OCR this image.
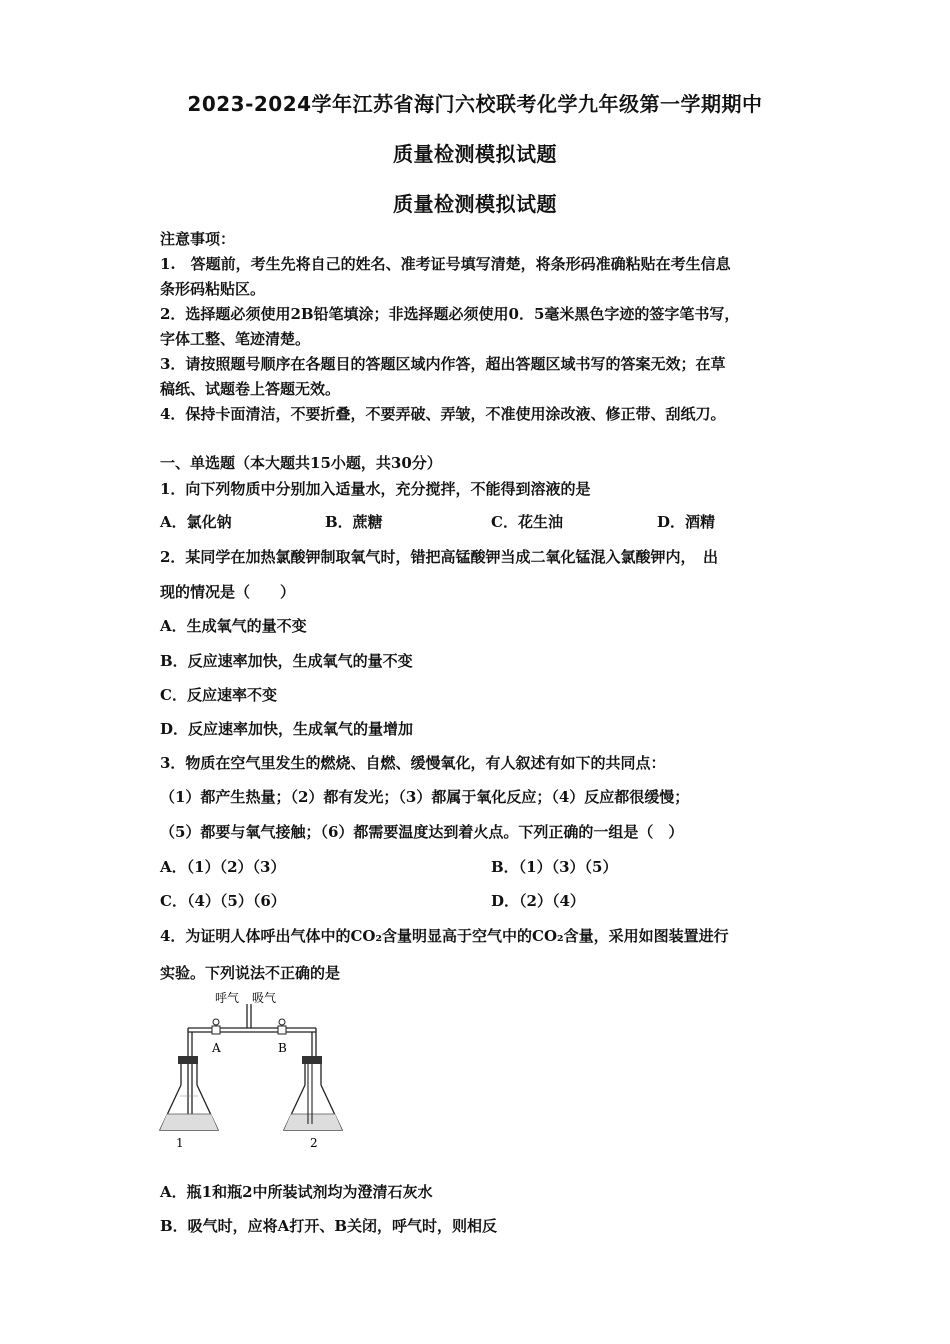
2023-2024学年江苏省海门六校联考化学九年级第一学期期中
质量检测模拟试题
质量检测模拟试题
注意事项：
1.　答题前，考生先将自己的姓名、准考证号填写清楚，将条形码准确粘贴在考生信息
条形码粘贴区。
2．选择题必须使用2B铅笔填涂；非选择题必须使用0．5毫米黑色字迹的签字笔书写，
字体工整、笔迹清楚。
3．请按照题号顺序在各题目的答题区域内作答，超出答题区域书写的答案无效；在草
稿纸、试题卷上答题无效。
4．保持卡面清洁，不要折叠，不要弄破、弄皱，不准使用涂改液、修正带、刮纸刀。
一、单选题（本大题共15小题，共30分）
1．向下列物质中分别加入适量水，充分搅拌，不能得到溶液的是
A．氯化钠	B．蔗糖	C．花生油	D．酒精
2．某同学在加热氯酸钾制取氧气时，错把高锰酸钾当成二氧化锰混入氯酸钾内，　出
现的情况是（　　）
A．生成氧气的量不变
B．反应速率加快，生成氧气的量不变
C．反应速率不变
D．反应速率加快，生成氧气的量增加
3．物质在空气里发生的燃烧、自燃、缓慢氧化，有人叙述有如下的共同点：
（1）都产生热量；（2）都有发光；（3）都属于氧化反应；（4）反应都很缓慢；
（5）都要与氧气接触；（6）都需要温度达到着火点。下列正确的一组是（　）
A．（1）（2）（3）	B．（1）（3）（5）
C．（4）（5）（6）	D．（2）（4）
4．为证明人体呼出气体中的CO₂含量明显高于空气中的CO₂含量，采用如图装置进行
实验。下列说法不正确的是
呼气 吸气
A	B
1	2
A．瓶1和瓶2中所装试剂均为澄清石灰水
B．吸气时，应将A打开、B关闭，呼气时，则相反
